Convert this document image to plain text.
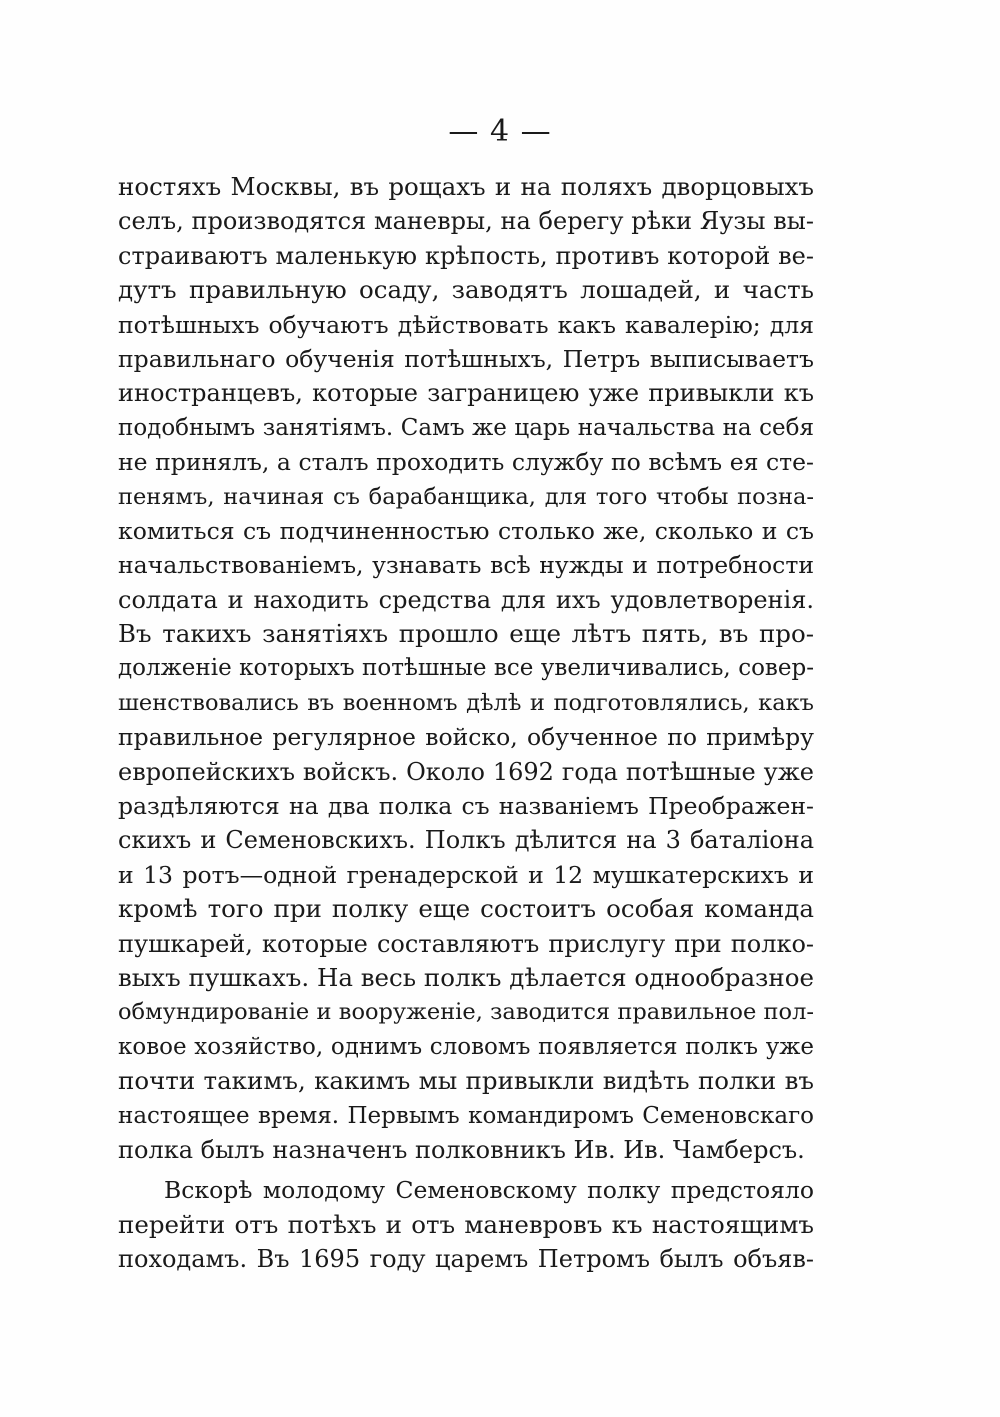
— 4 —
ностяхъ Москвы, въ рощахъ и на поляхъ дворцовыхъ
селъ, производятся маневры, на берегу рѣки Яузы вы-
страиваютъ маленькую крѣпость, противъ которой ве-
дутъ правильную осаду, заводятъ лошадей, и часть
потѣшныхъ обучаютъ дѣйствовать какъ кавалерію; для
правильнаго обученія потѣшныхъ, Петръ выписываетъ
иностранцевъ, которые заграницею уже привыкли къ
подобнымъ занятіямъ. Самъ же царь начальства на себя
не принялъ, а сталъ проходить службу по всѣмъ ея сте-
пенямъ, начиная съ барабанщика, для того чтобы позна-
комиться съ подчиненностью столько же, сколько и съ
начальствованіемъ, узнавать всѣ нужды и потребности
солдата и находить средства для ихъ удовлетворенія.
Въ такихъ занятіяхъ прошло еще лѣтъ пять, въ про-
долженіе которыхъ потѣшные все увеличивались, совер-
шенствовались въ военномъ дѣлѣ и подготовлялись, какъ
правильное регулярное войско, обученное по примѣру
европейскихъ войскъ. Около 1692 года потѣшные уже
раздѣляются на два полка съ названіемъ Преображен-
скихъ и Семеновскихъ. Полкъ дѣлится на 3 баталіона
и 13 ротъ—одной гренадерской и 12 мушкатерскихъ и
кромѣ того при полку еще состоитъ особая команда
пушкарей, которые составляютъ прислугу при полко-
выхъ пушкахъ. На весь полкъ дѣлается однообразное
обмундированіе и вооруженіе, заводится правильное пол-
ковое хозяйство, однимъ словомъ появляется полкъ уже
почти такимъ, какимъ мы привыкли видѣть полки въ
настоящее время. Первымъ командиромъ Семеновскаго
полка былъ назначенъ полковникъ Ив. Ив. Чамберсъ.
Вскорѣ молодому Семеновскому полку предстояло
перейти отъ потѣхъ и отъ маневровъ къ настоящимъ
походамъ. Въ 1695 году царемъ Петромъ былъ объяв-
